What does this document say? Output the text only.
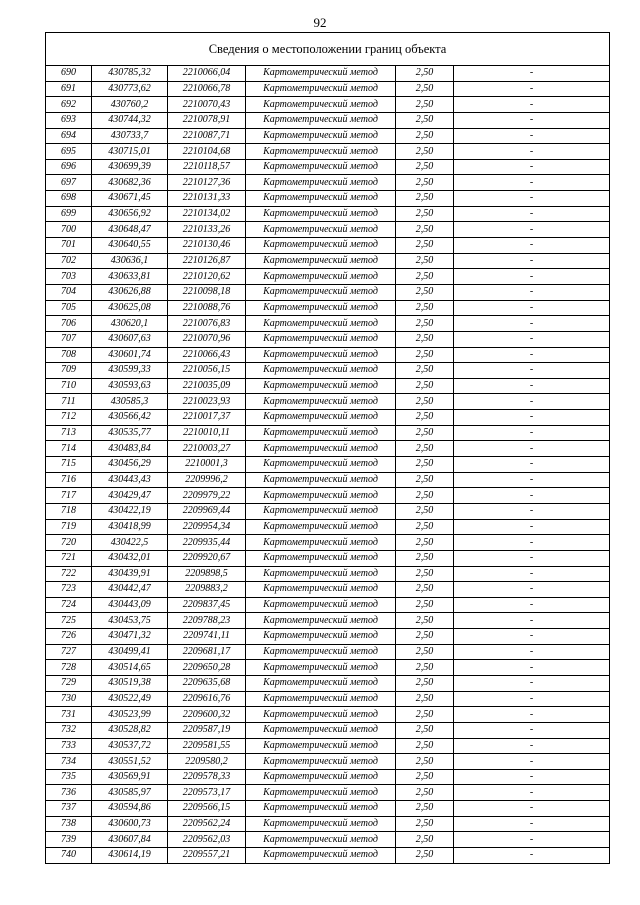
92
Сведения о местоположении границ объекта					
690	430785,32	2210066,04	Картометрический метод	2,50	-
691	430773,62	2210066,78	Картометрический метод	2,50	-
692	430760,2	2210070,43	Картометрический метод	2,50	-
693	430744,32	2210078,91	Картометрический метод	2,50	-
694	430733,7	2210087,71	Картометрический метод	2,50	-
695	430715,01	2210104,68	Картометрический метод	2,50	-
696	430699,39	2210118,57	Картометрический метод	2,50	-
697	430682,36	2210127,36	Картометрический метод	2,50	-
698	430671,45	2210131,33	Картометрический метод	2,50	-
699	430656,92	2210134,02	Картометрический метод	2,50	-
700	430648,47	2210133,26	Картометрический метод	2,50	-
701	430640,55	2210130,46	Картометрический метод	2,50	-
702	430636,1	2210126,87	Картометрический метод	2,50	-
703	430633,81	2210120,62	Картометрический метод	2,50	-
704	430626,88	2210098,18	Картометрический метод	2,50	-
705	430625,08	2210088,76	Картометрический метод	2,50	-
706	430620,1	2210076,83	Картометрический метод	2,50	-
707	430607,63	2210070,96	Картометрический метод	2,50	-
708	430601,74	2210066,43	Картометрический метод	2,50	-
709	430599,33	2210056,15	Картометрический метод	2,50	-
710	430593,63	2210035,09	Картометрический метод	2,50	-
711	430585,3	2210023,93	Картометрический метод	2,50	-
712	430566,42	2210017,37	Картометрический метод	2,50	-
713	430535,77	2210010,11	Картометрический метод	2,50	-
714	430483,84	2210003,27	Картометрический метод	2,50	-
715	430456,29	2210001,3	Картометрический метод	2,50	-
716	430443,43	2209996,2	Картометрический метод	2,50	-
717	430429,47	2209979,22	Картометрический метод	2,50	-
718	430422,19	2209969,44	Картометрический метод	2,50	-
719	430418,99	2209954,34	Картометрический метод	2,50	-
720	430422,5	2209935,44	Картометрический метод	2,50	-
721	430432,01	2209920,67	Картометрический метод	2,50	-
722	430439,91	2209898,5	Картометрический метод	2,50	-
723	430442,47	2209883,2	Картометрический метод	2,50	-
724	430443,09	2209837,45	Картометрический метод	2,50	-
725	430453,75	2209788,23	Картометрический метод	2,50	-
726	430471,32	2209741,11	Картометрический метод	2,50	-
727	430499,41	2209681,17	Картометрический метод	2,50	-
728	430514,65	2209650,28	Картометрический метод	2,50	-
729	430519,38	2209635,68	Картометрический метод	2,50	-
730	430522,49	2209616,76	Картометрический метод	2,50	-
731	430523,99	2209600,32	Картометрический метод	2,50	-
732	430528,82	2209587,19	Картометрический метод	2,50	-
733	430537,72	2209581,55	Картометрический метод	2,50	-
734	430551,52	2209580,2	Картометрический метод	2,50	-
735	430569,91	2209578,33	Картометрический метод	2,50	-
736	430585,97	2209573,17	Картометрический метод	2,50	-
737	430594,86	2209566,15	Картометрический метод	2,50	-
738	430600,73	2209562,24	Картометрический метод	2,50	-
739	430607,84	2209562,03	Картометрический метод	2,50	-
740	430614,19	2209557,21	Картометрический метод	2,50	-
